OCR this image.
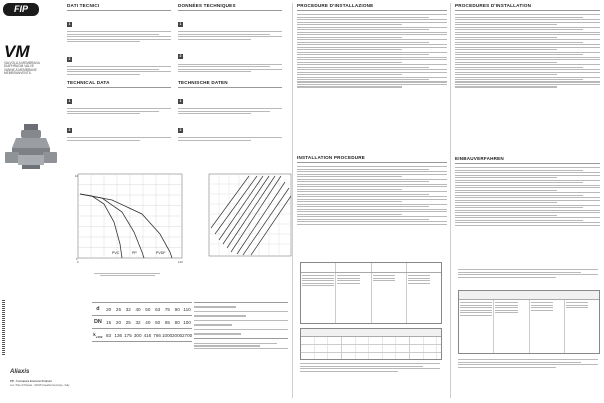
FIP
VM
VALVOLA A MEMBRANA
DIAPHRAGM VALVE
VANNE A MEMBRANE
MEMBRANVENTIL
Aliaxis
FIP - Formatura Iniezione Polimeri
Loc. Pian di Parata - 16015 Casella (Genova) - Italy
DATI TECNICI
1
2
TECHNICAL DATA
1
2
PVC	PP	PVDF
10
0
0	140
d	20	25	32	40	50	63	75	90 110
DN 15	20	25	32	40	50	65	80 100
$k_{v100}$ 83 136 175 300 416 766 1000 2000 2700
DONNÉES TECHNIQUES
1
2
TECHNISCHE DATEN
1
2
PROCEDURE D'INSTALLAZIONE
INSTALLATION PROCEDURE
PROCEDURES D'INSTALLATION
EINBAUVERFAHREN
